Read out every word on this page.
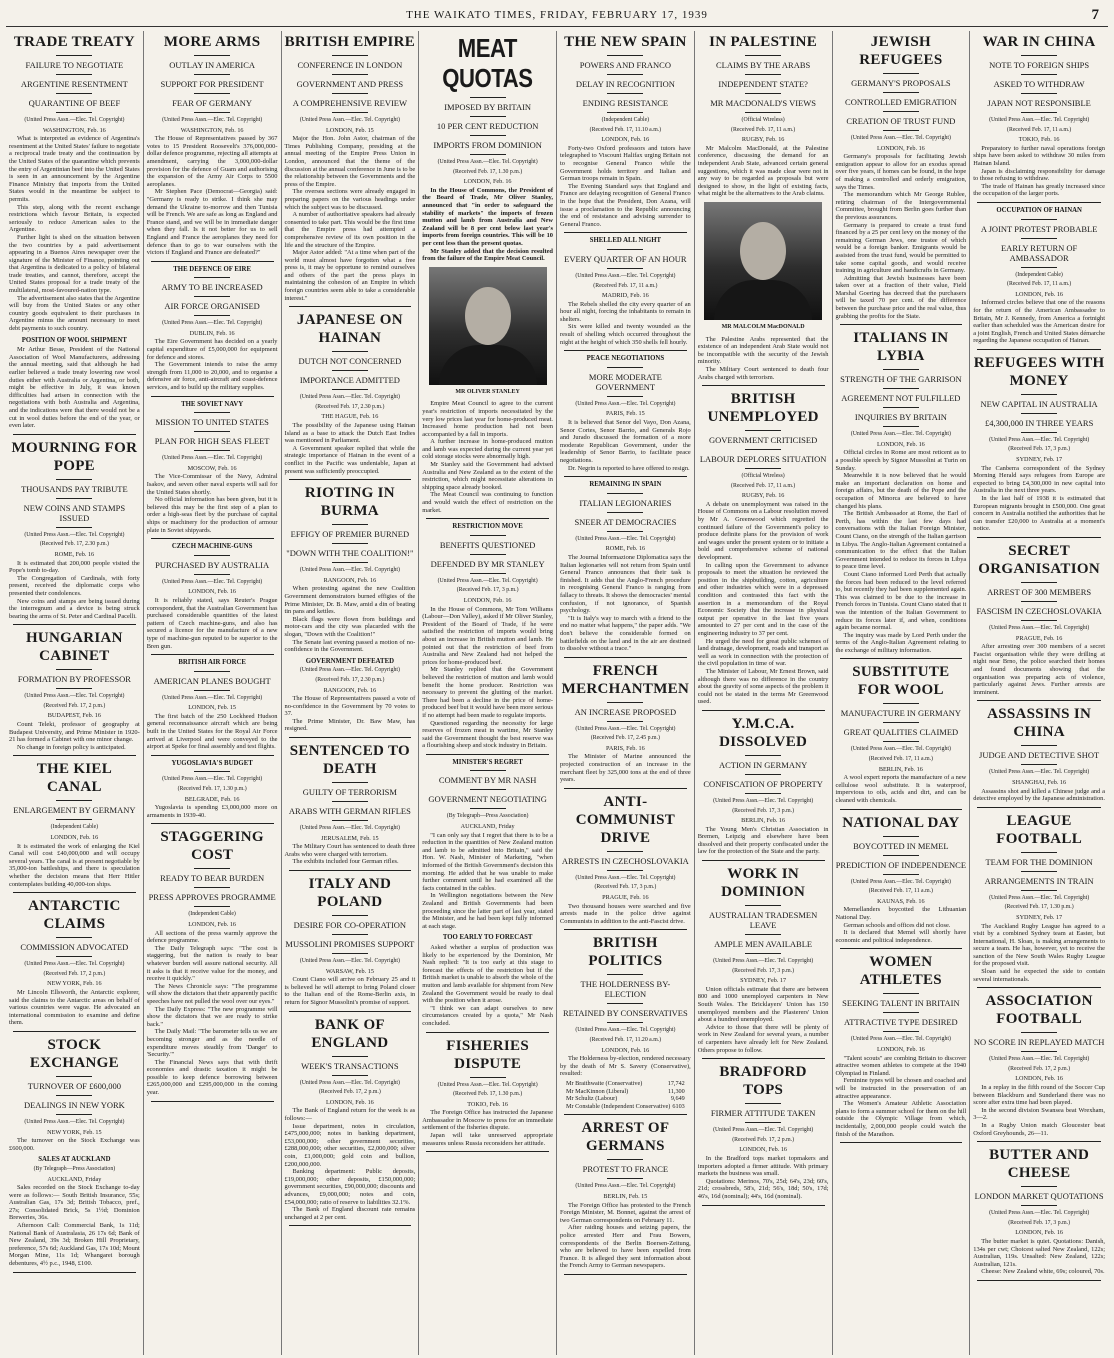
THE WAIKATO TIMES, FRIDAY, FEBRUARY 17, 1939	7
TRADE TREATY
FAILURE TO NEGOTIATE
ARGENTINE RESENTMENT
QUARANTINE OF BEEF
(United Press Assn.—Elec. Tel. Copyright)
WASHINGTON, Feb. 16

What is interpreted as evidence of Argentina's resentment at the United States' failure to negotiate a reciprocal trade treaty and the continuation by the United States of the quarantine which prevents the entry of Argentinian beef into the United States is seen in an announcement by the Argentine Finance Ministry that imports from the United States would in the meantime be subject to permits.

This step, along with the recent exchange restrictions which favour Britain, is expected seriously to reduce American sales to the Argentine.

Further light is shed on the situation between the two countries by a paid advertisement appearing in a Buenos Aires newspaper over the signature of the Minister of Finance, pointing out that Argentina is dedicated to a policy of bilateral trade treaties, and cannot, therefore, accept the United States proposal for a trade treaty of the multilateral, most-favoured-nation type.

The advertisement also states that the Argentine will buy from the United States or any other country goods equivalent to their purchases in Argentine minus the amount necessary to meet debt payments to such country.

POSITION OF WOOL SHIPMENT

Mr Arthur Besse, President of the National Association of Wool Manufacturers, addressing the annual meeting, said that although he had earlier believed a trade treaty lowering raw wool duties either with Australia or Argentina, or both, might be effective in July, it was known difficulties had arisen in connection with the negotiations with both Australia and Argentina, and the indications were that there would not be a cut in wool duties before the end of the year, or even later.

MOURNING FOR POPE
THOUSANDS PAY TRIBUTE
NEW COINS AND STAMPS ISSUED
(United Press Assn.—Elec. Tel. Copyright)
(Received Feb. 17, 2.30 p.m.)
ROME, Feb. 16

It is estimated that 200,000 people visited the Pope's tomb to-day.

The Congregation of Cardinals, with forty present, received the diplomatic corps who presented their condolences.

New coins and stamps are being issued during the interregnum and a device is being struck bearing the arms of St. Peter and Cardinal Pacelli.

HUNGARIAN CABINET
FORMATION BY PROFESSOR
(United Press Assn.—Elec. Tel. Copyright)
(Received Feb. 17, 2 p.m.)
BUDAPEST, Feb. 16

Count Teleki, professor of geography at Budapest University, and Prime Minister in 1920-21 has formed a Cabinet with one minor change.

No change in foreign policy is anticipated.

THE KIEL CANAL
ENLARGEMENT BY GERMANY
(Independent Cable)
LONDON, Feb. 16

It is estimated the work of enlarging the Kiel Canal will cost £40,000,000 and will occupy several years. The canal is at present negotiable by 35,000-ton battleships, and there is speculation whether the decision means that Herr Hitler contemplates building 40,000-ton ships.

ANTARCTIC CLAIMS
COMMISSION ADVOCATED
(United Press Assn.—Elec. Tel. Copyright)
(Received Feb. 17, 2 p.m.)
NEW YORK, Feb. 16

Mr Lincoln Ellsworth, the Antarctic explorer, said the claims to the Antarctic areas on behalf of various countries were vague. He advocated an international commission to examine and define them.

STOCK EXCHANGE
TURNOVER OF £600,000
DEALINGS IN NEW YORK
(United Press Assn.—Elec. Tel. Copyright)
NEW YORK, Feb. 15

The turnover on the Stock Exchange was £600,000.

SALES AT AUCKLAND
(By Telegraph—Press Association)
AUCKLAND, Friday

Sales recorded on the Stock Exchange to-day were as follows:— South British Insurance, 55s; Australian Gas, 17s 3d; British Tobacco, pref., 27s; Consolidated Brick, 5s 1½d; Dominion Breweries, 36s.

Afternoon Call: Commercial Bank, 1s 11d; National Bank of Australasia, 26 17s 6d; Bank of New Zealand, 39s 3d; Broken Hill Proprietary, preference, 57s 6d; Auckland Gas, 17s 10d; Mount Morgan Mine, 11s 1d; Whangarei borough debentures, 4½ p.c., 1948, £100.

MORE ARMS
OUTLAY IN AMERICA
SUPPORT FOR PRESIDENT
FEAR OF GERMANY
(United Press Assn.—Elec. Tel. Copyright)
WASHINGTON, Feb. 16

The House of Representatives passed by 367 votes to 15 President Roosevelt's 376,000,000-dollar defence programme, rejecting all attempts at amendment, carrying the 3,000,000-dollar provision for the defence of Guam and authorising the expansion of the Army Air Corps to 5500 aeroplanes.

Mr Stephen Pace (Democrat—Georgia) said: "Germany is ready to strike. I think she may demand the Ukraine to-morrow and then Tunisia will be French. We are safe as long as England and France stand, and we will be in immediate danger when they fall. Is it not better for us to sell England and France the aeroplanes they need for defence than to go to war ourselves with the victors if England and France are defeated?"

THE DEFENCE OF EIRE
ARMY TO BE INCREASED
AIR FORCE ORGANISED
(United Press Assn.—Elec. Tel. Copyright)
DUBLIN, Feb. 16

The Eire Government has decided on a yearly capital expenditure of £5,000,000 for equipment for defence and stores.

The Government intends to raise the army strength from 11,000 to 20,000, and to organise a defensive air force, anti-aircraft and coast-defence services, and to build up the military supplies.

THE SOVIET NAVY
MISSION TO UNITED STATES
PLAN FOR HIGH SEAS FLEET
(United Press Assn.—Elec. Tel. Copyright)
MOSCOW, Feb. 16

The Vice-Commissar of the Navy, Admiral Isakov, and seven other naval experts will sail for the United States shortly.

No official information has been given, but it is believed this may be the first step of a plan to order a high-seas fleet by the purchase of capital ships or machinery for the production of armour plate in Soviet shipyards.

CZECH MACHINE-GUNS
PURCHASED BY AUSTRALIA
(United Press Assn.—Elec. Tel. Copyright)
LONDON, Feb. 16

It is reliably stated, says Reuter's Prague correspondent, that the Australian Government has purchased considerable quantities of the latest pattern of Czech machine-guns, and also has secured a licence for the manufacture of a new type of machine-gun reputed to be superior to the Bren gun.

BRITISH AIR FORCE
AMERICAN PLANES BOUGHT
(United Press Assn.—Elec. Tel. Copyright)
LONDON, Feb. 15

The first batch of the 250 Lockheed Hudson general reconnaissance aircraft which are being built in the United States for the Royal Air Force arrived at Liverpool and were conveyed to the airport at Speke for final assembly and test flights.

YUGOSLAVIA'S BUDGET
(United Press Assn.—Elec. Tel. Copyright)
(Received Feb. 17, 1.30 p.m.)
BELGRADE, Feb. 16

Yugoslavia is spending £3,000,000 more on armaments in 1939-40.

STAGGERING COST
READY TO BEAR BURDEN
PRESS APPROVES PROGRAMME
(Independent Cable)
LONDON, Feb. 16

All sections of the press warmly approve the defence programme.

The Daily Telegraph says: "The cost is staggering, but the nation is ready to bear whatever burden will assure national security. All it asks is that it receive value for the money, and receive it quickly."

The News Chronicle says: "The programme will show the dictators that their apparently pacific speeches have not pulled the wool over our eyes."

The Daily Express: "The new programme will show the dictators that we are ready to strike back."

The Daily Mail: "The barometer tells us we are becoming stronger and as the needle of expenditure moves steadily from 'Danger' to 'Security.'"

The Financial News says that with thrift economies and drastic taxation it might be possible to keep defence borrowing between £265,000,000 and £295,000,000 in the coming year.

BRITISH EMPIRE
CONFERENCE IN LONDON
GOVERNMENT AND PRESS
A COMPREHENSIVE REVIEW
(United Press Assn.—Elec. Tel. Copyright)
LONDON, Feb. 15

Major the Hon. John Astor, chairman of the Times Publishing Company, presiding at the annual meeting of the Empire Press Union in London, announced that the theme of the discussion at the annual conference in June is to be the relationship between the Governments and the press of the Empire.

The oversea sections were already engaged in preparing papers on the various headings under which the subject was to be discussed.

A number of authoritative speakers had already consented to take part. This would be the first time that the Empire press had attempted a comprehensive review of its own position in the life and the structure of the Empire.

Major Astor added: "At a time when part of the world must almost have forgotten what a free press is, it may be opportune to remind ourselves and others of the part the press plays in maintaining the cohesion of an Empire in which foreign countries seem able to take a considerable interest."

JAPANESE ON HAINAN
DUTCH NOT CONCERNED
IMPORTANCE ADMITTED
(United Press Assn.—Elec. Tel. Copyright)
(Received Feb. 17, 2.30 p.m.)
THE HAGUE, Feb. 16

The possibility of the Japanese using Hainan Island as a base to attack the Dutch East Indies was mentioned in Parliament.

A Government speaker replied that while the strategic importance of Hainan in the event of a conflict in the Pacific was undeniable, Japan at present was sufficiently preoccupied.

RIOTING IN BURMA
EFFIGY OF PREMIER BURNED
"DOWN WITH THE COALITION!"
(United Press Assn.—Elec. Tel. Copyright)
RANGOON, Feb. 16

When protesting against the new Coalition Government demonstrators burned effigies of the Prime Minister, Dr. B. Maw, amid a din of beating tin pans and kettles.

Black flags were flown from buildings and motor-cars and the city was placarded with the slogan, "Down with the Coalition!"

The Senate last evening passed a motion of no-confidence in the Government.

GOVERNMENT DEFEATED
(United Press Assn.—Elec. Tel. Copyright)
(Received Feb. 17, 2.30 p.m.)
RANGOON, Feb. 16

The House of Representatives passed a vote of no-confidence in the Government by 70 votes to 37.

The Prime Minister, Dr. Baw Maw, has resigned.

SENTENCED TO DEATH
GUILTY OF TERRORISM
ARABS WITH GERMAN RIFLES
(United Press Assn.—Elec. Tel. Copyright)
JERUSALEM, Feb. 15

The Military Court has sentenced to death three Arabs who were charged with terrorism.

The exhibits included four German rifles.

ITALY AND POLAND
DESIRE FOR CO-OPERATION
MUSSOLINI PROMISES SUPPORT
(United Press Assn.—Elec. Tel. Copyright)
WARSAW, Feb. 15

Count Ciano will arrive on February 25 and it is believed he will attempt to bring Poland closer to the Italian end of the Rome-Berlin axis, in return for Signor Mussolini's promise of support.

BANK OF ENGLAND
WEEK'S TRANSACTIONS
(United Press Assn.—Elec. Tel. Copyright)
(Received Feb. 17, 2 p.m.)
LONDON, Feb. 16

The Bank of England return for the week is as follows:—

Issue department, notes in circulation, £475,000,000; notes in banking department, £53,000,000; other government securities, £288,000,000; other securities, £2,000,000; silver coin, £1,000,000; gold coin and bullion, £200,000,000.

Banking department: Public deposits, £19,000,000; other deposits, £150,000,000; government securities, £90,000,000; discounts and advances, £9,000,000; notes and coin, £54,000,000; ratio of reserve to liabilities 32.1%.

The Bank of England discount rate remains unchanged at 2 per cent.

MEAT QUOTAS
IMPOSED BY BRITAIN
10 PER CENT REDUCTION
IMPORTS FROM DOMINION
(United Press Assn.—Elec. Tel. Copyright)
(Received Feb. 17, 1.30 p.m.)
LONDON, Feb. 16

In the House of Commons, the President of the Board of Trade, Mr Oliver Stanley, announced that "in order to safeguard the stability of markets" the imports of frozen mutton and lamb from Australia and New Zealand will be 8 per cent below last year's imports from foreign countries. This will be 10 per cent less than the present quotas.

Mr Stanley added that the decision resulted from the failure of the Empire Meat Council.

MR OLIVER STANLEY

Empire Meat Council to agree to the current year's restriction of imports necessitated by the very low prices last year for home-produced meat. Increased home production had not been accompanied by a fall in imports.

A further increase in home-produced mutton and lamb was expected during the current year yet cold storage stocks were abnormally high.

Mr Stanley said the Government had advised Australia and New Zealand as to the extent of the restriction, which might necessitate alterations in shipping space already booked.

The Meat Council was continuing to function and would watch the effect of restriction on the market.

RESTRICTION MOVE
BENEFITS QUESTIONED
DEFENDED BY MR STANLEY
(United Press Assn.—Elec. Tel. Copyright)
(Received Feb. 17, 3 p.m.)
LONDON, Feb. 16

In the House of Commons, Mr Tom Williams (Labour—Don Valley), asked if Mr Oliver Stanley, President of the Board of Trade, if he were satisfied the restriction of imports would bring about an increase in British mutton and lamb. He pointed out that the restriction of beef from Australia and New Zealand had not helped the prices for home-produced beef.

Mr Stanley replied that the Government believed the restriction of mutton and lamb would benefit the home producer. Restriction was necessary to prevent the glutting of the market. There had been a decline in the price of home-produced beef but it would have been more serious if no attempt had been made to regulate imports.

Questioned regarding the necessity for large reserves of frozen meat in wartime, Mr Stanley said the Government thought the best reserve was a flourishing sheep and stock industry in Britain.

MINISTER'S REGRET
COMMENT BY MR NASH
GOVERNMENT NEGOTIATING
(By Telegraph—Press Association)
AUCKLAND, Friday

"I can only say that I regret that there is to be a reduction in the quantities of New Zealand mutton and lamb to be admitted into Britain," said the Hon. W. Nash, Minister of Marketing, "when informed of the British Government's decision this morning. He added that he was unable to make further comment until he had examined all the facts contained in the cables.

In Wellington negotiations between the New Zealand and British Governments had been proceeding since the latter part of last year, stated the Minister, and he had been kept fully informed at each stage.

TOO EARLY TO FORECAST

Asked whether a surplus of production was likely to be experienced by the Dominion, Mr Nash replied: "It is too early at this stage to forecast the effects of the restriction but if the British market is unable to absorb the whole of the mutton and lamb available for shipment from New Zealand the Government would be ready to deal with the position when it arose.

"I think we can adapt ourselves to new circumstances created by a quota," Mr Nash concluded.

FISHERIES DISPUTE
(United Press Assn.—Elec. Tel. Copyright)
(Received Feb. 17, 1.30 p.m.)
TOKIO, Feb. 16

The Foreign Office has instructed the Japanese Ambassador in Moscow to press for an immediate settlement of the fisheries dispute.

Japan will take unreserved appropriate measures unless Russia reconsiders her attitude.

THE NEW SPAIN
POWERS AND FRANCO
DELAY IN RECOGNITION
ENDING RESISTANCE
(Independent Cable)
(Received Feb. 17, 11.10 a.m.)
LONDON, Feb. 16

Forty-two Oxford professors and tutors have telegraphed to Viscount Halifax urging Britain not to recognise General Franco while the Government holds territory and Italian and German troops remain in Spain.

The Evening Standard says that England and France are delaying recognition of General Franco in the hope that the President, Don Azana, will issue a proclamation to the Republic announcing the end of resistance and advising surrender to General Franco.

SHELLED ALL NIGHT
EVERY QUARTER OF AN HOUR
(United Press Assn.—Elec. Tel. Copyright)
(Received Feb. 17, 11 a.m.)
MADRID, Feb. 16

The Rebels shelled the city every quarter of an hour all night, forcing the inhabitants to remain in shelters.

Six were killed and twenty wounded as the result of shelling which occurred throughout the night at the height of which 350 shells fell hourly.

PEACE NEGOTIATIONS
MORE MODERATE GOVERNMENT
(United Press Assn.—Elec. Tel. Copyright)
PARIS, Feb. 15

It is believed that Senor del Vayo, Don Azana, Senor Cortes, Senor Barrio, and Generals Rojo and Jurado discussed the formation of a more moderate Republican Government, under the leadership of Senor Barrio, to facilitate peace negotiations.

Dr. Negrin is reported to have offered to resign.

REMAINING IN SPAIN
ITALIAN LEGIONARIES
SNEER AT DEMOCRACIES
(United Press Assn.—Elec. Tel. Copyright)
ROME, Feb. 16

The Journal Informazione Diplomatica says the Italian legionaries will not return from Spain until General Franco announces that their task is finished. It adds that the Anglo-French procedure in recognising General Franco is ranging from fallacy to threats. It shows the democracies' mental confusion, if not ignorance, of Spanish psychology.

"It is Italy's way to march with a friend to the end no matter what happens," the paper adds. "We don't believe the considerable formed on battlefields on the land and in the air are destined to dissolve without a trace."

FRENCH MERCHANTMEN
AN INCREASE PROPOSED
(United Press Assn.—Elec. Tel. Copyright)
(Received Feb. 17, 2.45 p.m.)
PARIS, Feb. 16

The Minister of Marine announced the projected construction of an increase in the merchant fleet by 325,000 tons at the end of three years.

ANTI-COMMUNIST DRIVE
ARRESTS IN CZECHOSLOVAKIA
(United Press Assn.—Elec. Tel. Copyright)
(Received Feb. 17, 3 p.m.)
PRAGUE, Feb. 16

Two thousand houses were searched and five arrests made in the police drive against Communists in addition to the anti-Fascist drive.

BRITISH POLITICS
THE HOLDERNESS BY-ELECTION
RETAINED BY CONSERVATIVES
(United Press Assn.—Elec. Tel. Copyright)
(Received Feb. 17, 11.20 a.m.)
LONDON, Feb. 16

The Holderness by-election, rendered necessary by the death of Mr S. Savery (Conservative), resulted:

Mr Braithwaite (Conservative)	17,742
Mr MacKinnon (Liberal)	11,300
Mr Schultz (Labour)	9,649
Mr Constable (Independent Conservative) 6103
ARREST OF GERMANS
PROTEST TO FRANCE
(United Press Assn.—Elec. Tel. Copyright)
BERLIN, Feb. 15

The Foreign Office has protested to the French Foreign Minister, M. Bonnet, against the arrest of two German correspondents on February 11.

After raiding houses and seizing papers, the police arrested Herr and Frau Bowers, correspondents of the Berlin Boersen-Zeitung, who are believed to have been expelled from France. It is alleged they sent information about the French Army to German newspapers.

IN PALESTINE
CLAIMS BY THE ARABS
INDEPENDENT STATE?
MR MACDONALD'S VIEWS
(Official Wireless)
(Received Feb. 17, 11 a.m.)
RUGBY, Feb. 16

Mr Malcolm MacDonald, at the Palestine conference, discussing the demand for an independent Arab State, advanced certain general suggestions, which it was made clear were not in any way to be regarded as proposals but were designed to show, in the light of existing facts, what might be the alternatives to the Arab claims.

MR MALCOLM MacDONALD

The Palestine Arabs represented that the existence of an independent Arab State would not be incompatible with the security of the Jewish minority.

The Military Court sentenced to death four Arabs charged with terrorism.

BRITISH UNEMPLOYED
GOVERNMENT CRITICISED
LABOUR DEPLORES SITUATION
(Official Wireless)
(Received Feb. 17, 11 a.m.)
RUGBY, Feb. 16

A debate on unemployment was raised in the House of Commons on a Labour resolution moved by Mr A. Greenwood which regretted the continued failure of the Government's policy to produce definite plans for the provision of work and wages under the present system or to initiate a bold and comprehensive scheme of national development.

In calling upon the Government to advance proposals to meet the situation he reviewed the position in the shipbuilding, cotton, agriculture and other industries which were in a depressed condition and contrasted this fact with the assertion in a memorandum of the Royal Economic Society that the increase in physical output per operative in the last five years amounted to 27 per cent and in the case of the engineering industry to 37 per cent.

He urged the need for great public schemes of land drainage, development, roads and transport as well as work in connection with the protection of the civil population in time of war.

The Minister of Labour, Mr Ernest Brown, said although there was no difference in the country about the gravity of some aspects of the problem it could not be stated in the terms Mr Greenwood used.

Y.M.C.A. DISSOLVED
ACTION IN GERMANY
CONFISCATION OF PROPERTY
(United Press Assn.—Elec. Tel. Copyright)
(Received Feb. 17, 3 p.m.)
BERLIN, Feb. 16

The Young Men's Christian Association in Bremen, Leipzig and elsewhere have been dissolved and their property confiscated under the law for the protection of the State and the party.

WORK IN DOMINION
AUSTRALIAN TRADESMEN LEAVE
AMPLE MEN AVAILABLE
(United Press Assn.—Elec. Tel. Copyright)
(Received Feb. 17, 3 p.m.)
SYDNEY, Feb. 17

Union officials estimate that there are between 800 and 1000 unemployed carpenters in New South Wales. The Bricklayers' Union has 150 unemployed members and the Plasterers' Union about a hundred unemployed.

Advice to those that there will be plenty of work in New Zealand for several years, a number of carpenters have already left for New Zealand. Others propose to follow.

BRADFORD TOPS
FIRMER ATTITUDE TAKEN
(United Press Assn.—Elec. Tel. Copyright)
(Received Feb. 17, 2 p.m.)
LONDON, Feb. 16

In the Bradford tops market topmakers and importers adopted a firmer attitude. With primary markets the business was small.

Quotations: Merinos, 70's, 25d; 64's, 23d; 60's, 21d; crossbreds, 58's, 21d; 56's, 18d; 50's, 17d; 46's, 16d (nominal); 44's, 16d (nominal).

JEWISH REFUGEES
GERMANY'S PROPOSALS
CONTROLLED EMIGRATION
CREATION OF TRUST FUND
(United Press Assn.—Elec. Tel. Copyright)
LONDON, Feb. 16

Germany's proposals for facilitating Jewish emigration appear to allow for an exodus spread over five years, if homes can be found, in the hope of making a controlled and orderly emigration, says the Times.

The memorandum which Mr George Rublee, retiring chairman of the Intergovernmental Committee, brought from Berlin goes further than the previous assurances.

Germany is prepared to create a trust fund financed by a 25 per cent levy on the money of the remaining German Jews, one trustee of which would be a foreign banker. Emigrants would be assisted from the trust fund, would be permitted to take some capital goods, and would receive training in agriculture and handicrafts in Germany.

Admitting that Jewish businesses have been taken over at a fraction of their value, Field Marshal Goering has decreed that the purchasers will be taxed 70 per cent. of the difference between the purchase price and the real value, thus grabbing the profits for the State.

ITALIANS IN LYBIA
STRENGTH OF THE GARRISON
AGREEMENT NOT FULFILLED
INQUIRIES BY BRITAIN
(United Press Assn.—Elec. Tel. Copyright)
LONDON, Feb. 16

Official circles in Rome are most reticent as to a possible speech by Signor Mussolini at Turin on Sunday.

Meanwhile it is now believed that he would make an important declaration on home and foreign affairs, but the death of the Pope and the occupation of Minorca are believed to have changed his plans.

The British Ambassador at Rome, the Earl of Perth, has within the last few days had conversations with the Italian Foreign Minister, Count Ciano, on the strength of the Italian garrison in Libya. The Anglo-Italian Agreement contained a communication to the effect that the Italian Government intended to reduce its forces in Libya to peace time level.

Count Ciano informed Lord Perth that actually the forces had been reduced to the level referred to, but recently they had been supplemented again. This was claimed to be due to the increase in French forces in Tunisia. Count Ciano stated that it was the intention of the Italian Government to reduce its forces later if, and when, conditions again became normal.

The inquiry was made by Lord Perth under the terms of the Anglo-Italian Agreement relating to the exchange of military information.

SUBSTITUTE FOR WOOL
MANUFACTURE IN GERMANY
GREAT QUALITIES CLAIMED
(United Press Assn.—Elec. Tel. Copyright)
(Received Feb. 17, 11 a.m.)
BERLIN, Feb. 16

A wool expert reports the manufacture of a new cellulose wool substitute. It is waterproof, impervious to oils, acids and dirt, and can be cleaned with chemicals.

NATIONAL DAY
BOYCOTTED IN MEMEL
PREDICTION OF INDEPENDENCE
(United Press Assn.—Elec. Tel. Copyright)
(Received Feb. 17, 11 a.m.)
KAUNAS, Feb. 16

Memellanders boycotted the Lithuanian National Day.

German schools and offices did not close.

It is declared that Memel will shortly have economic and political independence.

WOMEN ATHLETES
SEEKING TALENT IN BRITAIN
ATTRACTIVE TYPE DESIRED
(United Press Assn.—Elec. Tel. Copyright)
LONDON, Feb. 16

"Talent scouts" are combing Britain to discover attractive women athletes to compete at the 1940 Olympiad in Finland.

Feminine types will be chosen and coached and will be instructed in the preservation of an attractive appearance.

The Women's Amateur Athletic Association plans to form a summer school for them on the hill outside the Olympic Village from which, incidentally, 2,000,000 people could watch the finish of the Marathon.

WAR IN CHINA
NOTE TO FOREIGN SHIPS
ASKED TO WITHDRAW
JAPAN NOT RESPONSIBLE
(United Press Assn.—Elec. Tel. Copyright)
(Received Feb. 17, 11 a.m.)
TOKIO, Feb. 16

Preparatory to further naval operations foreign ships have been asked to withdraw 30 miles from Hainan Island.

Japan is disclaiming responsibility for damage to those refusing to withdraw.

The trade of Hainan has greatly increased since the occupation of the larger ports.

OCCUPATION OF HAINAN
A JOINT PROTEST PROBABLE
EARLY RETURN OF AMBASSADOR
(Independent Cable)
(Received Feb. 17, 11 a.m.)
LONDON, Feb. 16

Informed circles believe that one of the reasons for the return of the American Ambassador to Britain, Mr J. Kennedy, from America a fortnight earlier than scheduled was the American desire for a joint English, French and United States démarche regarding the Japanese occupation of Hainan.

REFUGEES WITH MONEY
NEW CAPITAL IN AUSTRALIA
£4,300,000 IN THREE YEARS
(United Press Assn.—Elec. Tel. Copyright)
(Received Feb. 17, 3 p.m.)
SYDNEY, Feb. 17

The Canberra correspondent of the Sydney Morning Herald says refugees from Europe are expected to bring £4,300,000 in new capital into Australia in the next three years.

In the last half of 1938 it is estimated that European migrants brought in £500,000. One great concern in Australia notified the authorities that he can transfer £20,000 to Australia at a moment's notice.

SECRET ORGANISATION
ARREST OF 300 MEMBERS
FASCISM IN CZECHOSLOVAKIA
(United Press Assn.—Elec. Tel. Copyright)
PRAGUE, Feb. 16

After arresting over 300 members of a secret Fascist organisation while they were drilling at night near Brno, the police searched their homes and found documents showing that the organisation was preparing acts of violence, particularly against Jews. Further arrests are imminent.

ASSASSINS IN CHINA
JUDGE AND DETECTIVE SHOT
(United Press Assn.—Elec. Tel. Copyright)
SHANGHAI, Feb. 16

Assassins shot and killed a Chinese judge and a detective employed by the Japanese administration.

LEAGUE FOOTBALL
TEAM FOR THE DOMINION
ARRANGEMENTS IN TRAIN
(United Press Assn.—Elec. Tel. Copyright)
(Received Feb. 17, 1.30 p.m.)
SYDNEY, Feb. 17

The Auckland Rugby League has agreed to a visit by a combined Sydney team at Easter, but International, H. Sloan, is making arrangements to secure a team. He has, however, yet to receive the sanction of the New South Wales Rugby League for the proposed visit.

Sloan said he expected the side to contain several internationals.

ASSOCIATION FOOTBALL
NO SCORE IN REPLAYED MATCH
(United Press Assn.—Elec. Tel. Copyright)
(Received Feb. 17, 2 p.m.)
LONDON, Feb. 16

In a replay in the fifth round of the Soccer Cup between Blackburn and Sunderland there was no score after extra time had been played.

In the second division Swansea beat Wrexham, 3—2.

In a Rugby Union match Gloucester beat Oxford Greyhounds, 26—11.

BUTTER AND CHEESE
LONDON MARKET QUOTATIONS
(United Press Assn.—Elec. Tel. Copyright)
(Received Feb. 17, 3 p.m.)
LONDON, Feb. 16

The butter market is quiet. Quotations: Danish, 134s per cwt; Choicest salted New Zealand, 122s; Australian, 119s. Unsalted: New Zealand, 122s; Australian, 121s.

Cheese: New Zealand white, 69s; coloured, 70s.
